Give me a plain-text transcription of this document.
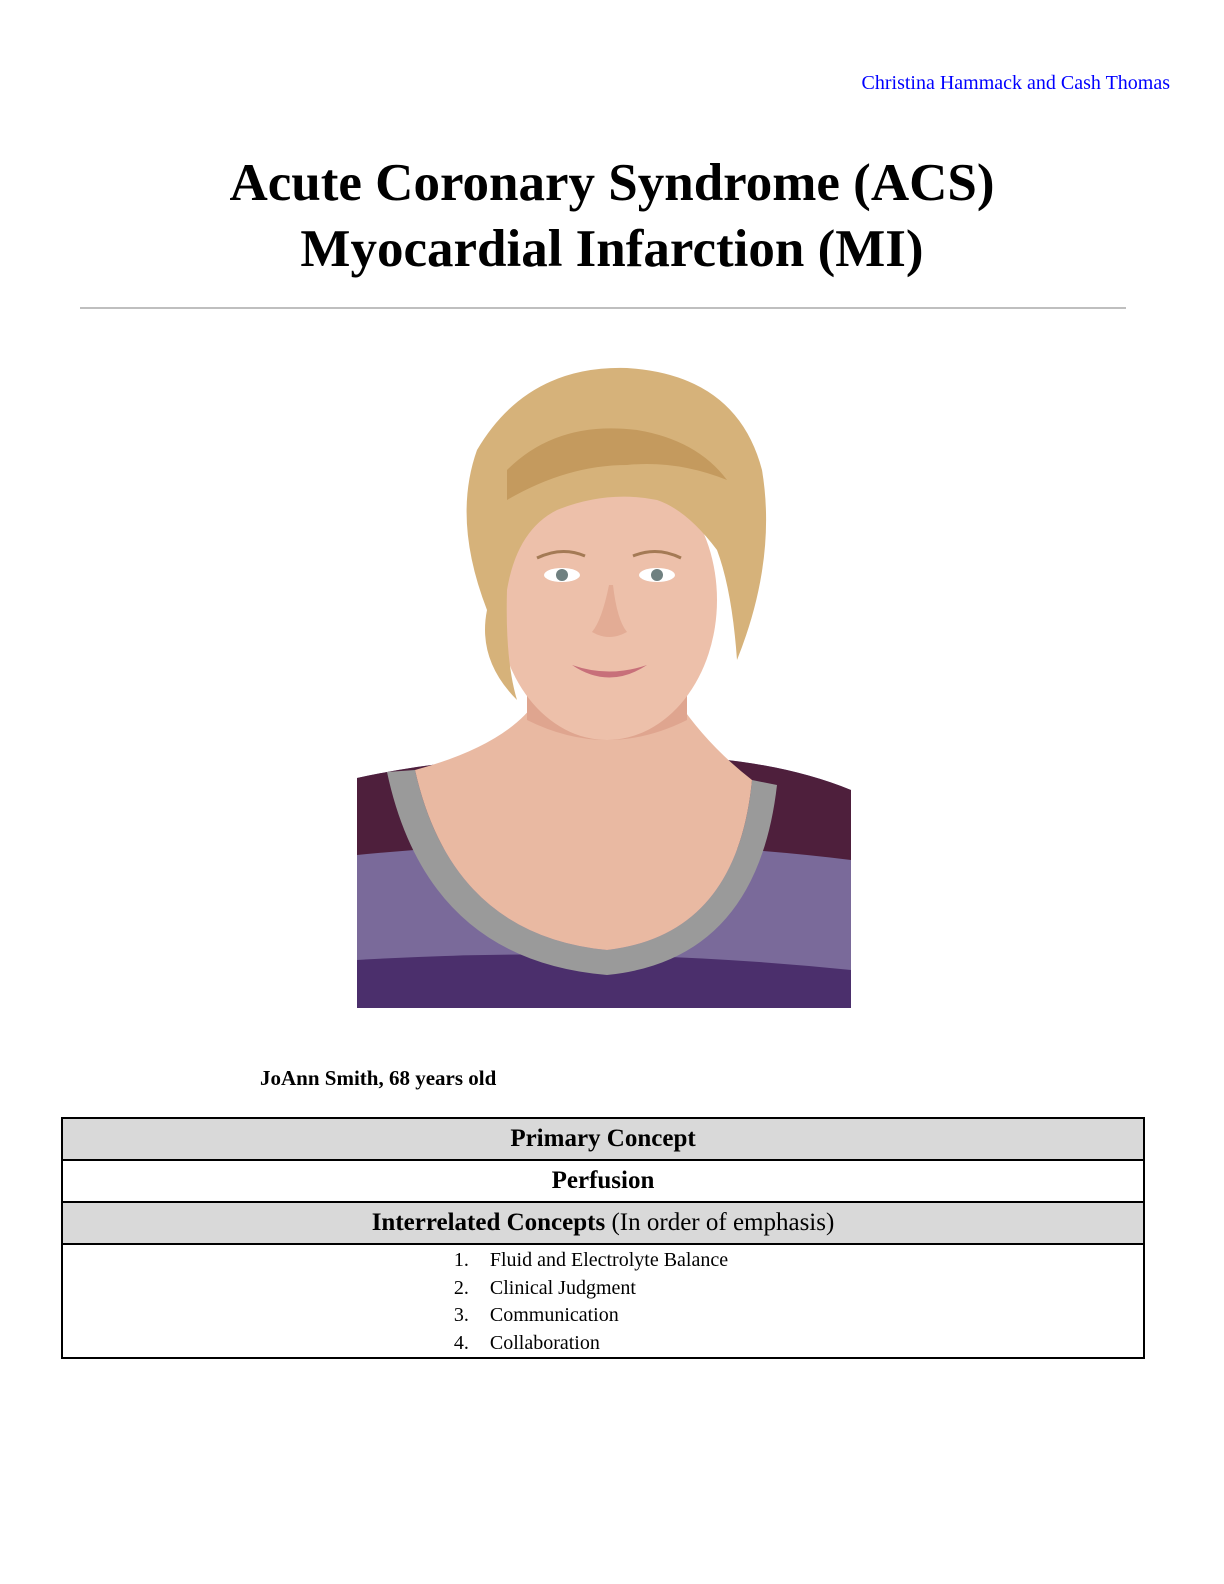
Christina Hammack and Cash Thomas
Acute Coronary Syndrome (ACS)
Myocardial Infarction (MI)
JoAnn Smith, 68 years old
Primary Concept
Perfusion
Interrelated Concepts (In order of emphasis)

1.	Fluid and Electrolyte Balance
2.	Clinical Judgment
3.	Communication
4.	Collaboration
